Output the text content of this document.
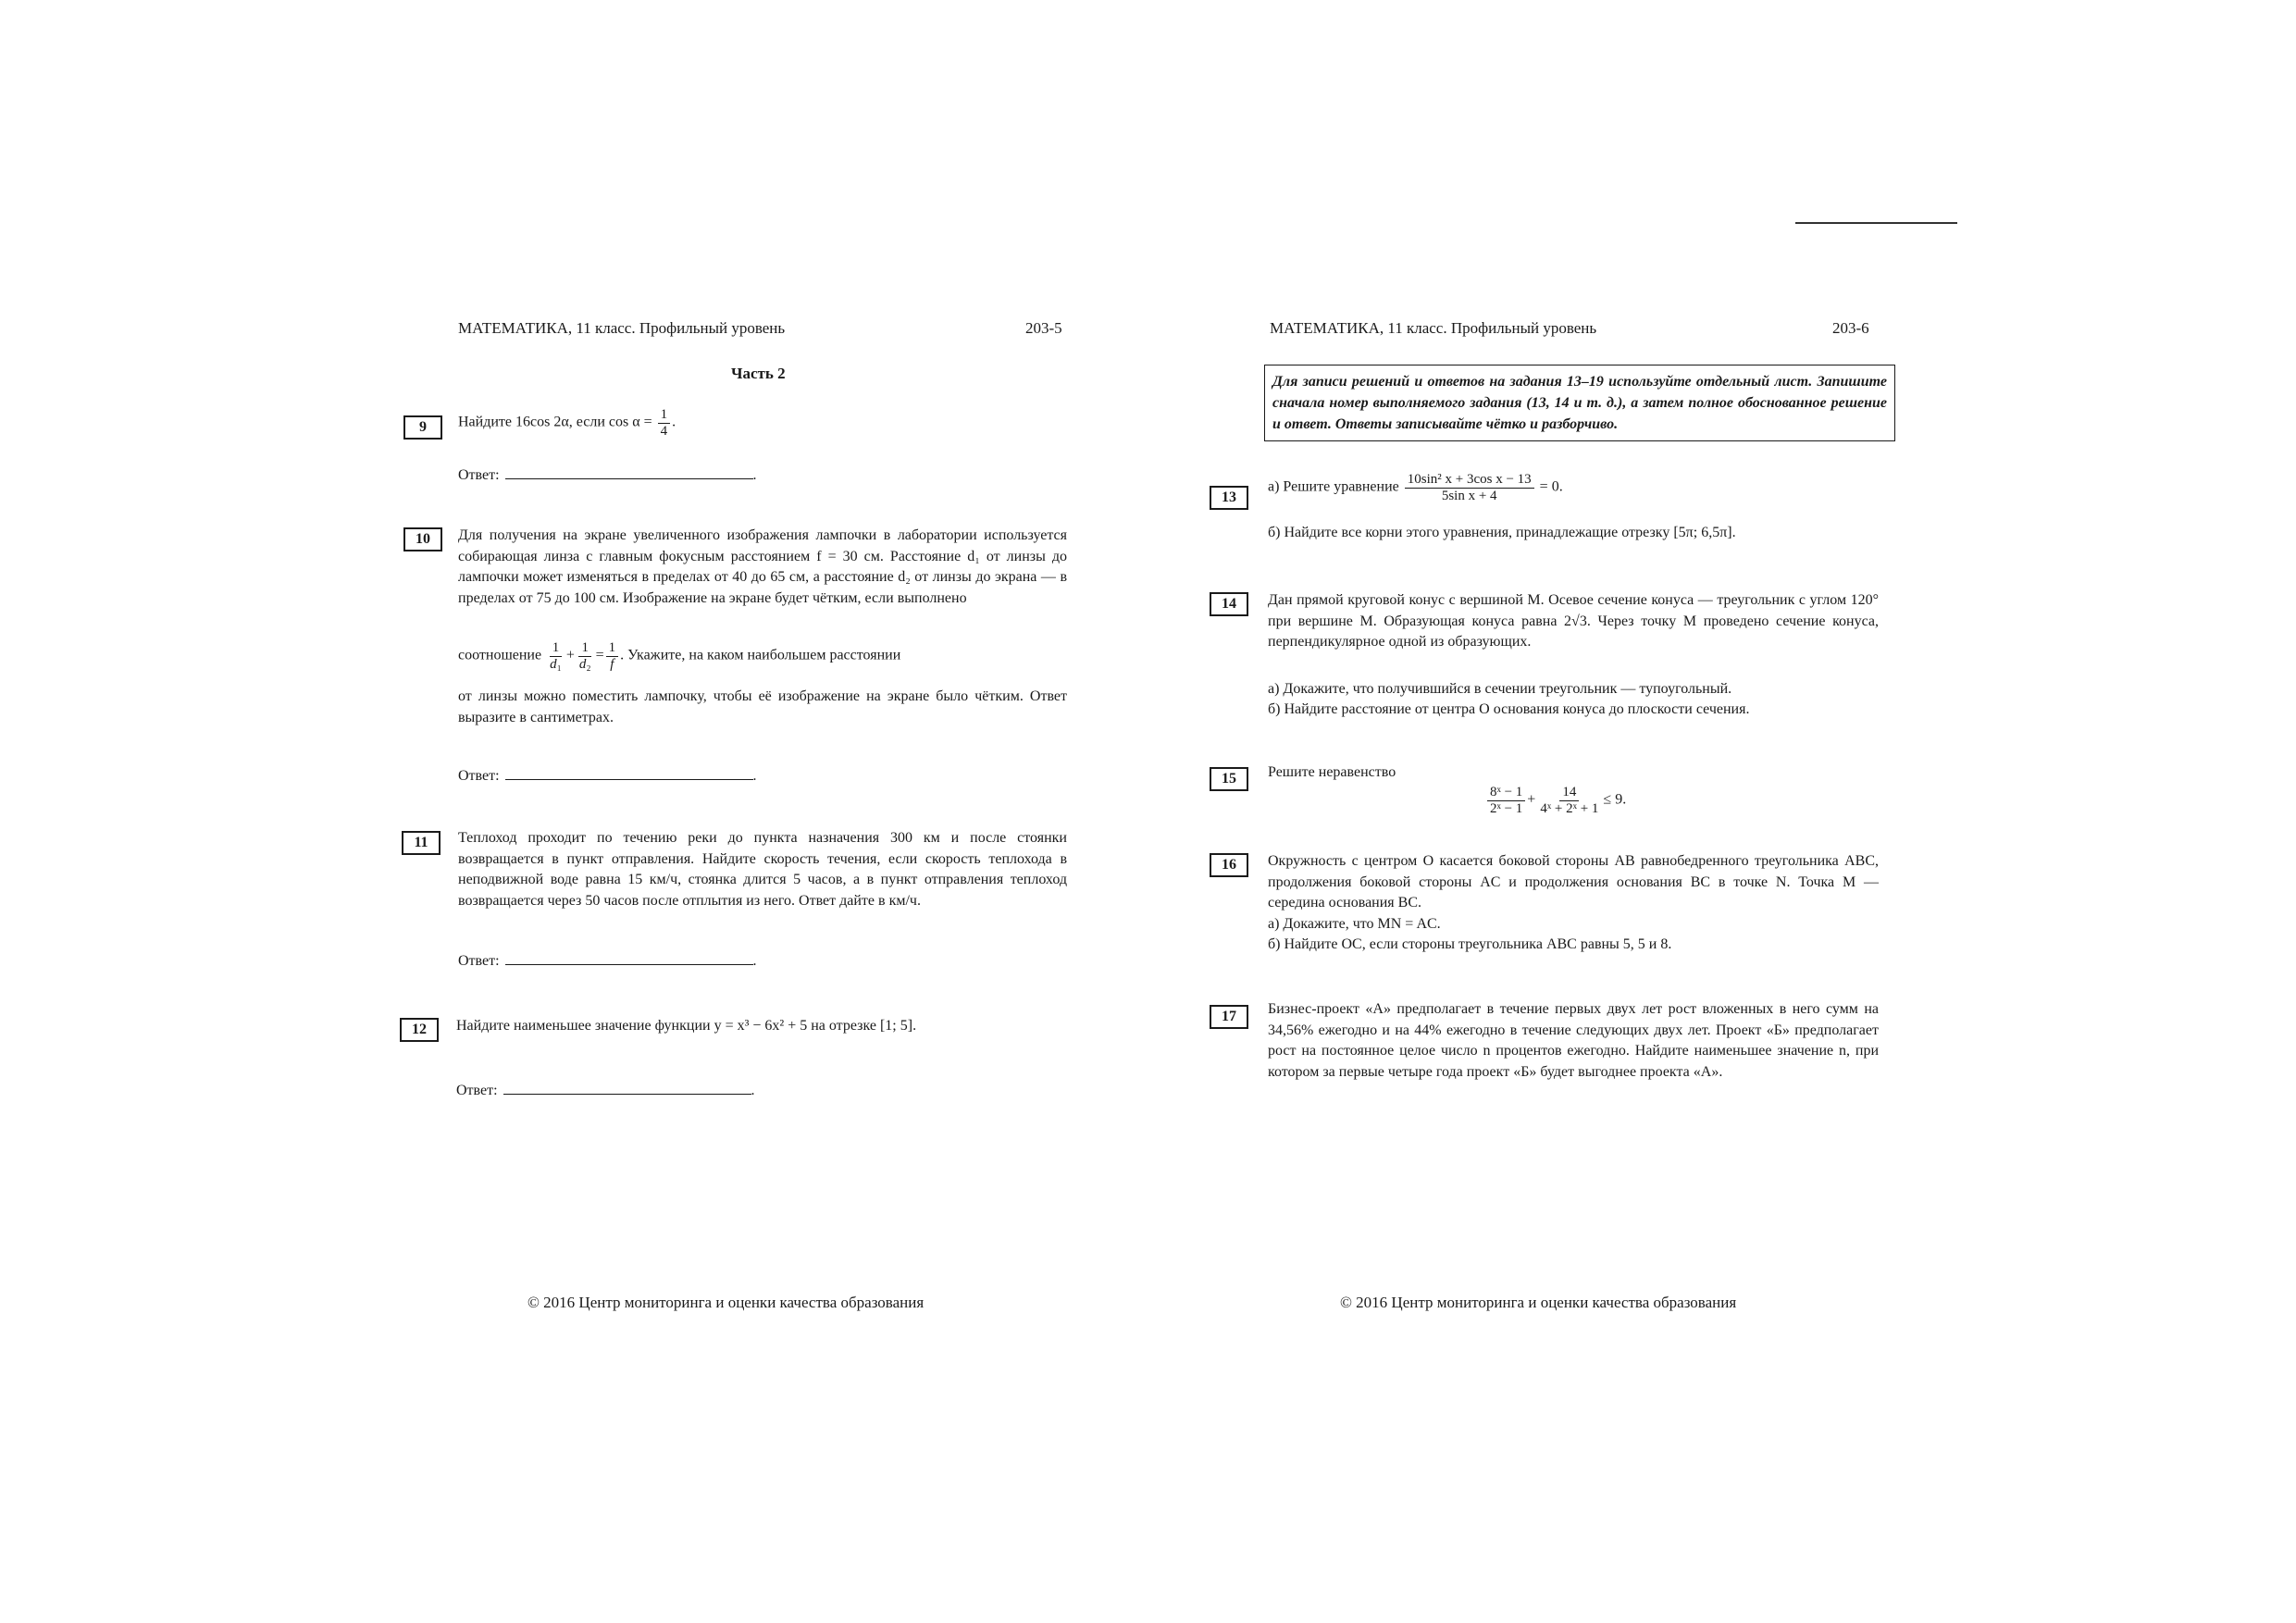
МАТЕМАТИКА, 11 класс. Профильный уровень	203-5
Часть 2
9	Найдите 16cos 2α, если $\cos \alpha = \frac{1}{4}$ .
Ответ:	.
10	Для получения на экране увеличенного изображения лампочки в лаборатории используется собирающая линза с главным фокусным расстоянием f = 30 см. Расстояние d₁ от линзы до лампочки может изменяться в пределах от 40 до 65 см, а расстояние d₂ от линзы до экрана — в пределах от 75 до 100 см. Изображение на экране будет чётким, если выполнено
соотношение $\frac{1}{\text{d₁}} + \frac{1}{\text{d₂}} = \frac{1}{f}$ . Укажите, на каком наибольшем расстоянии
от линзы можно поместить лампочку, чтобы её изображение на экране было чётким. Ответ выразите в сантиметрах.
Ответ:	.
11	Теплоход проходит по течению реки до пункта назначения 300 км и после стоянки возвращается в пункт отправления. Найдите скорость течения, если скорость теплохода в неподвижной воде равна 15 км/ч, стоянка длится 5 часов, а в пункт отправления теплоход возвращается через 50 часов после отплытия из него. Ответ дайте в км/ч.
Ответ:	.
12	Найдите наименьшее значение функции y = x³ − 6x² + 5 на отрезке [1; 5].
Ответ:	.
© 2016 Центр мониторинга и оценки качества образования
МАТЕМАТИКА, 11 класс. Профильный уровень	203-6
Для записи решений и ответов на задания 13–19 используйте отдельный лист. Запишите сначала номер выполняемого задания (13, 14 и т. д.), а затем полное обоснованное решение и ответ. Ответы записывайте чётко и разборчиво.
13
а) Решите уравнение $\frac{\text{10sin² x + 3cos x − 13}}{\text{5sin x + 4}} = 0$.
б) Найдите все корни этого уравнения, принадлежащие отрезку [5π; 6,5π].
14	Дан прямой круговой конус с вершиной M. Осевое сечение конуса — треугольник с углом 120° при вершине M. Образующая конуса равна 2√3. Через точку M проведено сечение конуса, перпендикулярное одной из образующих.
а) Докажите, что получившийся в сечении треугольник — тупоугольный.
б) Найдите расстояние от центра O основания конуса до плоскости сечения.
15	Решите неравенство
$\frac{\text{8ˣ − 1}}{\text{2ˣ − 1}} + \frac{14}{\text{4ˣ + 2ˣ + 1}} \le 9$.
16	Окружность с центром O касается боковой стороны AB равнобедренного треугольника ABC, продолжения боковой стороны AC и продолжения основания BC в точке N. Точка M — середина основания BC.
а) Докажите, что MN = AC.
б) Найдите OC, если стороны треугольника ABC равны 5, 5 и 8.
17	Бизнес-проект «А» предполагает в течение первых двух лет рост вложенных в него сумм на 34,56% ежегодно и на 44% ежегодно в течение следующих двух лет. Проект «Б» предполагает рост на постоянное целое число n процентов ежегодно. Найдите наименьшее значение n, при котором за первые четыре года проект «Б» будет выгоднее проекта «А».
© 2016 Центр мониторинга и оценки качества образования
